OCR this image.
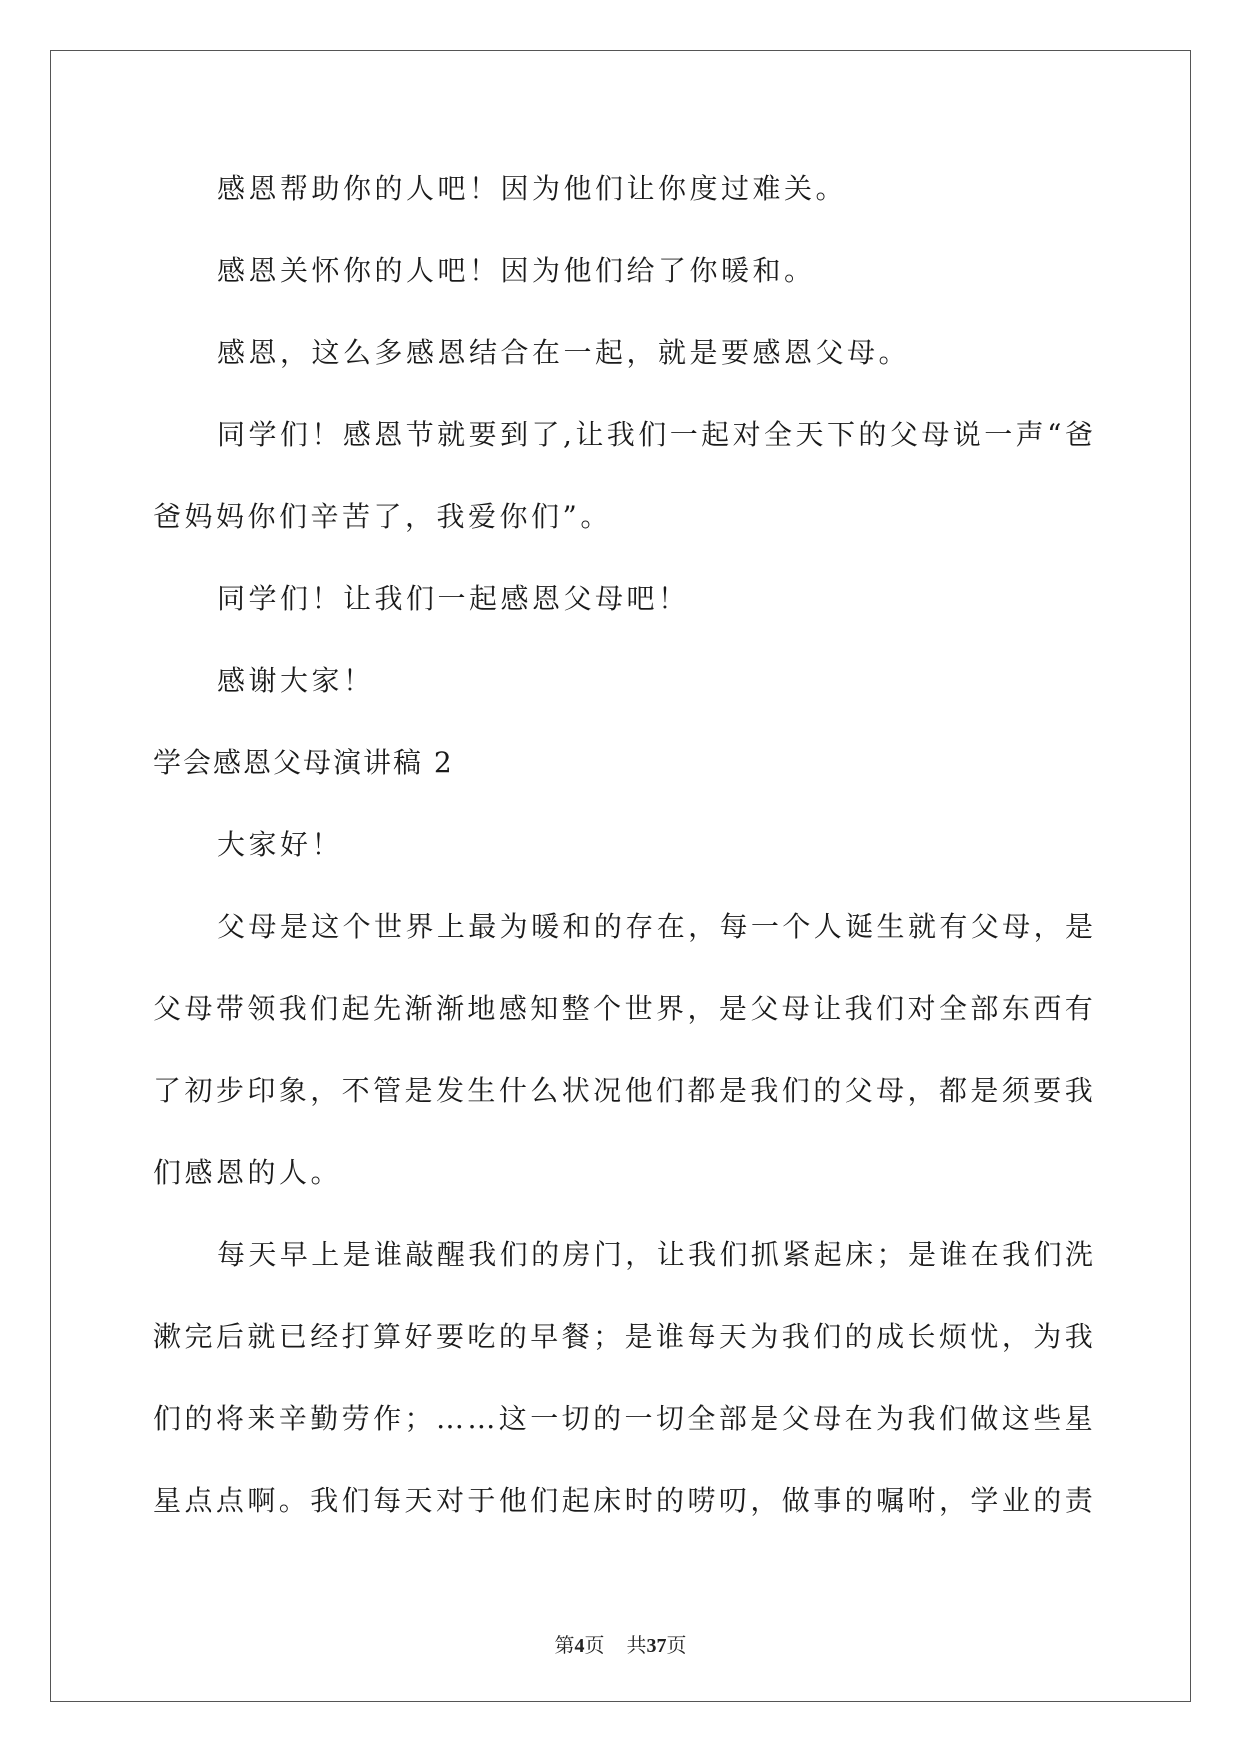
感恩帮助你的人吧！因为他们让你度过难关。
感恩关怀你的人吧！因为他们给了你暖和。
感恩，这么多感恩结合在一起，就是要感恩父母。
同 学 们 ！ 感 恩 节 就 要 到 了 , 让 我 们 一 起 对 全 天 下 的 父 母 说 一 声 “ 爸
爸妈妈你们辛苦了，我爱你们”。
同学们！让我们一起感恩父母吧！
感谢大家！
学会感恩父母演讲稿 2
大家好！
父 母 是 这 个 世 界 上 最 为 暖 和 的 存 在 ， 每 一 个 人 诞 生 就 有 父 母 ， 是
父 母 带 领 我 们 起 先 渐 渐 地 感 知 整 个 世 界 ， 是 父 母 让 我 们 对 全 部 东 西 有
了 初 步 印 象 ， 不 管 是 发 生 什 么 状 况 他 们 都 是 我 们 的 父 母 ， 都 是 须 要 我
们感恩的人。
每 天 早 上 是 谁 敲 醒 我 们 的 房 门 ， 让 我 们 抓 紧 起 床 ； 是 谁 在 我 们 洗
漱 完 后 就 已 经 打 算 好 要 吃 的 早 餐 ； 是 谁 每 天 为 我 们 的 成 长 烦 忧 ， 为 我
们 的 将 来 辛 勤 劳 作 ； … … 这 一 切 的 一 切 全 部 是 父 母 在 为 我 们 做 这 些 星
星 点 点 啊 。 我 们 每 天 对 于 他 们 起 床 时 的 唠 叨 ， 做 事 的 嘱 咐 ， 学 业 的 责
第4页 共37页
